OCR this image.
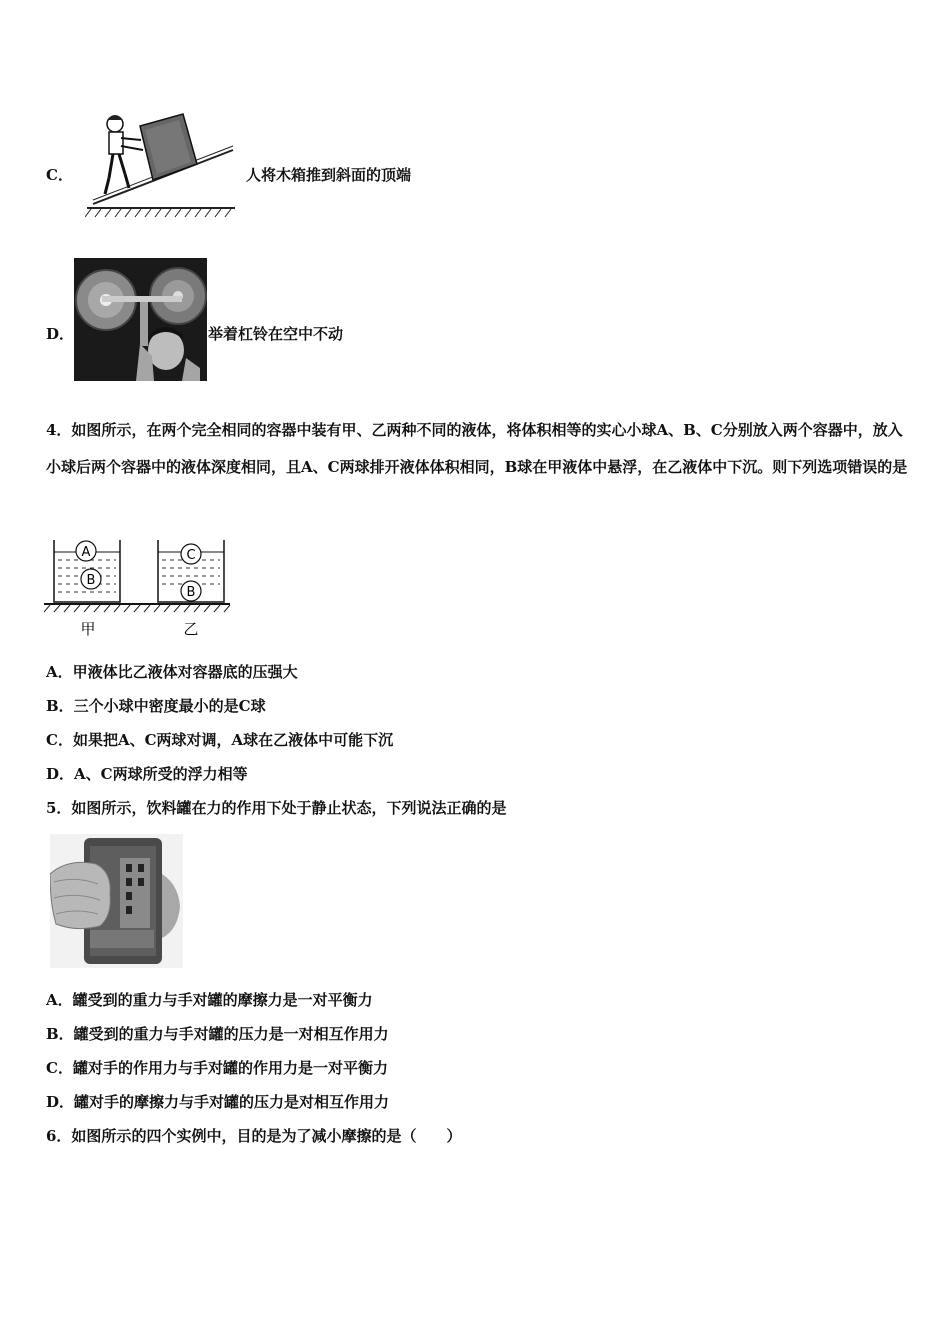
C．	人将木箱推到斜面的顶端
D．	举着杠铃在空中不动
4．如图所示，在两个完全相同的容器中装有甲、乙两种不同的液体，将体积相等的实心小球A、B、C分别放入两个容器中，放入小球后两个容器中的液体深度相同，且A、C两球排开液体体积相同，B球在甲液体中悬浮，在乙液体中下沉。则下列选项错误的是
A
B
C
B
甲	乙
A．甲液体比乙液体对容器底的压强大
B．三个小球中密度最小的是C球
C．如果把A、C两球对调，A球在乙液体中可能下沉
D．A、C两球所受的浮力相等
5．如图所示，饮料罐在力的作用下处于静止状态，下列说法正确的是
A．罐受到的重力与手对罐的摩擦力是一对平衡力
B．罐受到的重力与手对罐的压力是一对相互作用力
C．罐对手的作用力与手对罐的作用力是一对平衡力
D．罐对手的摩擦力与手对罐的压力是对相互作用力
6．如图所示的四个实例中，目的是为了减小摩擦的是（　　）
